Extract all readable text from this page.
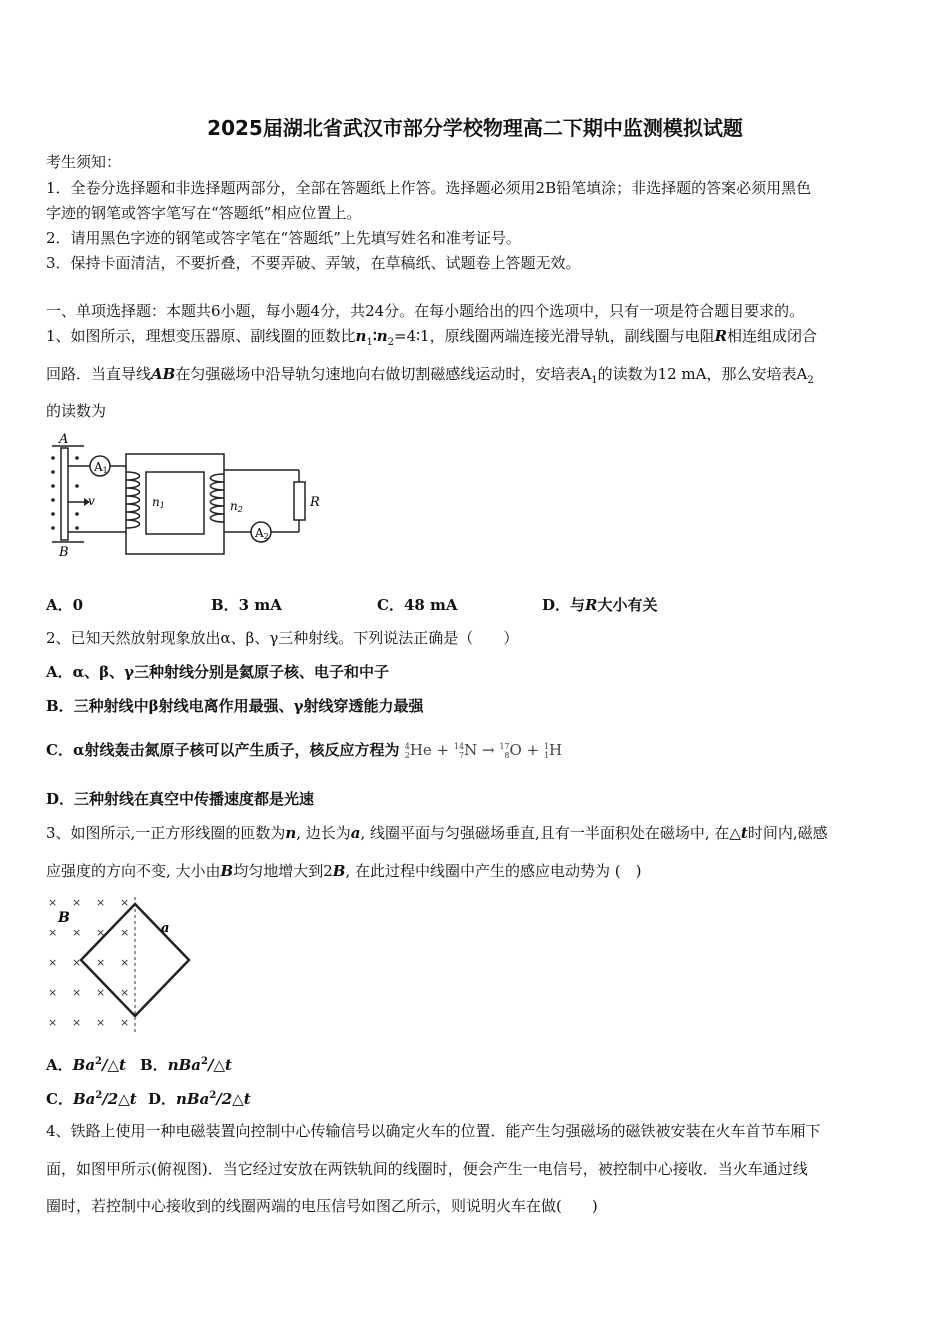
2025届湖北省武汉市部分学校物理高二下期中监测模拟试题
考生须知：
1．全卷分选择题和非选择题两部分，全部在答题纸上作答。选择题必须用2B铅笔填涂；非选择题的答案必须用黑色
字迹的钢笔或答字笔写在“答题纸”相应位置上。
2．请用黑色字迹的钢笔或答字笔在“答题纸”上先填写姓名和准考证号。
3．保持卡面清洁，不要折叠，不要弄破、弄皱，在草稿纸、试题卷上答题无效。
一、单项选择题：本题共6小题，每小题4分，共24分。在每小题给出的四个选项中，只有一项是符合题目要求的。
1、如图所示，理想变压器原、副线圈的匝数比$n_1∶n_2=4∶1$，原线圈两端连接光滑导轨，副线圈与电阻R相连组成闭合
回路．当直导线AB在匀强磁场中沿导轨匀速地向右做切割磁感线运动时，安培表$A_1$的读数为12 mA，那么安培表$A_2$
的读数为
A
B
v
A1
A2
n1	n2	R
A．0	B．3 mA	C．48 mA	D．与R大小有关
2、已知天然放射现象放出α、β、γ三种射线。下列说法正确是（　　）
A．α、β、γ三种射线分别是氦原子核、电子和中子
B．三种射线中β射线电离作用最强、γ射线穿透能力最强
C．α射线轰击氮原子核可以产生质子，核反应方程为 4
2He + 14
7N → 17
8O + 1
1H
D．三种射线在真空中传播速度都是光速
3、如图所示,一正方形线圈的匝数为n, 边长为a, 线圈平面与匀强磁场垂直,且有一半面积处在磁场中, 在△t时间内,磁感
应强度的方向不变, 大小由B均匀地增大到2B, 在此过程中线圈中产生的感应电动势为 (　)
× × × ×
× × × ×
× × × ×
× × × ×
× × × ×
B
a
A．Ba$^2$/△t B．nBa$^2$/△t
C．Ba$^2$/2△t D．nBa$^2$/2△t
4、铁路上使用一种电磁装置向控制中心传输信号以确定火车的位置．能产生匀强磁场的磁铁被安装在火车首节车厢下
面，如图甲所示(俯视图)．当它经过安放在两铁轨间的线圈时，便会产生一电信号，被控制中心接收．当火车通过线
圈时，若控制中心接收到的线圈两端的电压信号如图乙所示，则说明火车在做(　　)
